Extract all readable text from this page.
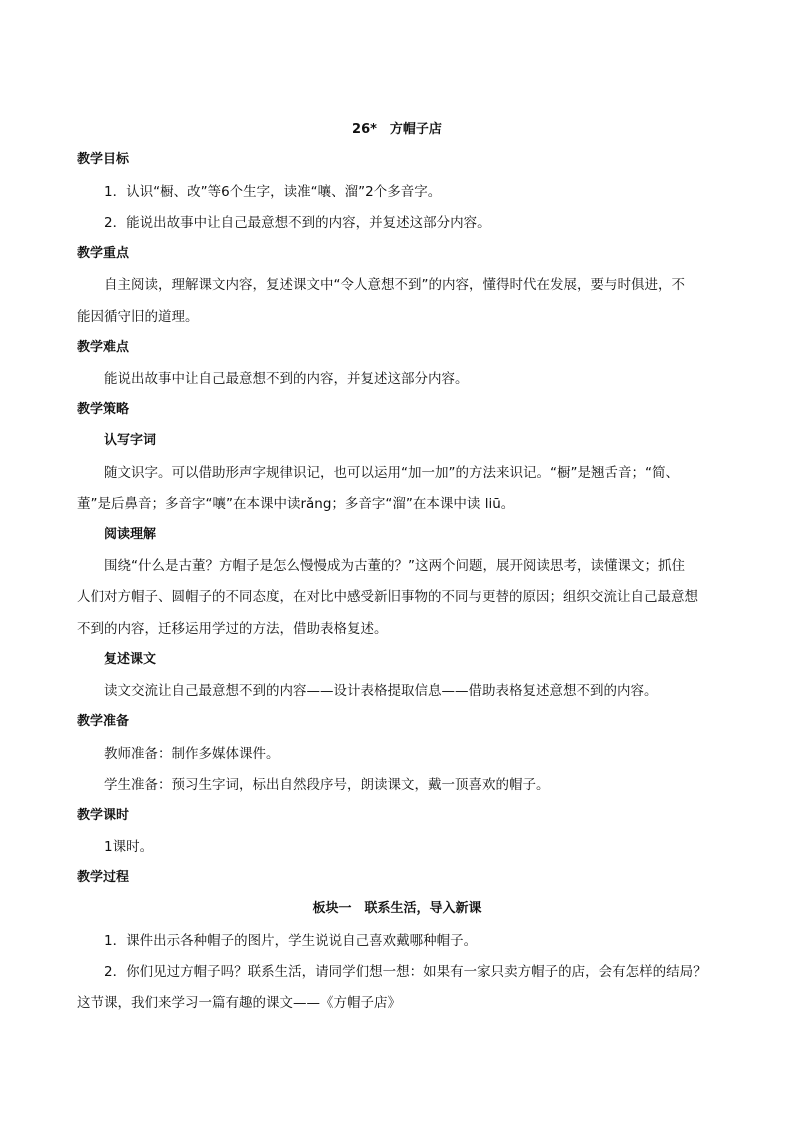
26*　方帽子店
教学目标
1．认识“橱、改”等6个生字，读准“嚷、溜”2个多音字。
2．能说出故事中让自己最意想不到的内容，并复述这部分内容。
教学重点
自主阅读，理解课文内容，复述课文中“令人意想不到”的内容，懂得时代在发展，要与时俱进，不
能因循守旧的道理。
教学难点
能说出故事中让自己最意想不到的内容，并复述这部分内容。
教学策略
认写字词
随文识字。可以借助形声字规律识记，也可以运用“加一加”的方法来识记。“橱”是翘舌音；“简、
董”是后鼻音；多音字“嚷”在本课中读rǎng；多音字“溜”在本课中读 liū。
阅读理解
围绕“什么是古董？方帽子是怎么慢慢成为古董的？”这两个问题，展开阅读思考，读懂课文；抓住
人们对方帽子、圆帽子的不同态度，在对比中感受新旧事物的不同与更替的原因；组织交流让自己最意想
不到的内容，迁移运用学过的方法，借助表格复述。
复述课文
读文交流让自己最意想不到的内容——设计表格提取信息——借助表格复述意想不到的内容。
教学准备
教师准备：制作多媒体课件。
学生准备：预习生字词，标出自然段序号，朗读课文，戴一顶喜欢的帽子。
教学课时
1课时。
教学过程
板块一　联系生活，导入新课
1．课件出示各种帽子的图片，学生说说自己喜欢戴哪种帽子。
2．你们见过方帽子吗？联系生活，请同学们想一想：如果有一家只卖方帽子的店，会有怎样的结局？
这节课，我们来学习一篇有趣的课文——《方帽子店》
